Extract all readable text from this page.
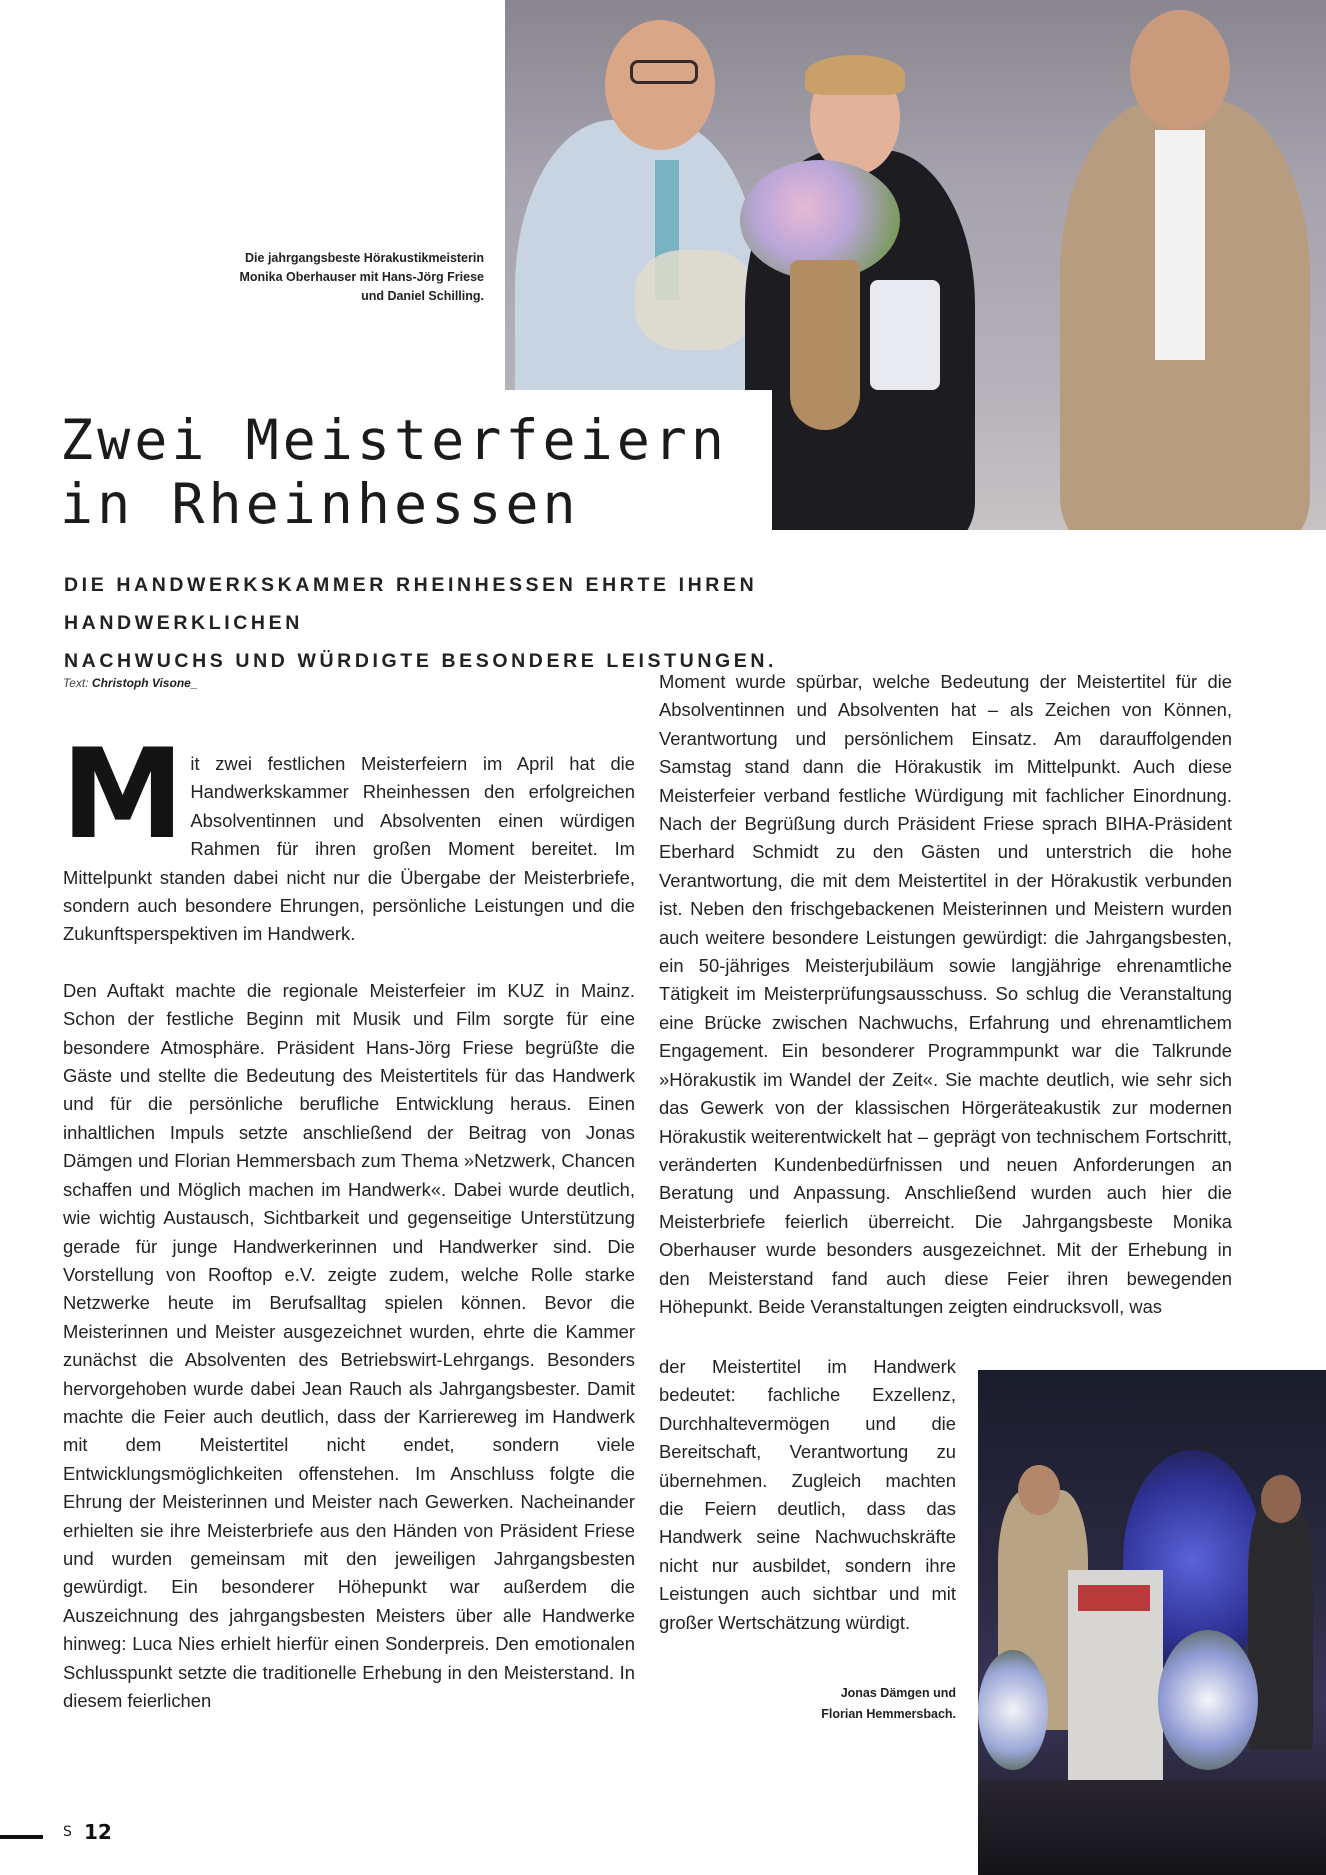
Die jahrgangsbeste Hörakustikmeisterin
Monika Oberhauser mit Hans-Jörg Friese
und Daniel Schilling.
Zwei Meisterfeiern
in Rheinhessen
DIE HANDWERKSKAMMER RHEINHESSEN EHRTE IHREN HANDWERKLICHEN
NACHWUCHS UND WÜRDIGTE BESONDERE LEISTUNGEN.
Text: Christoph Visone_

Mit zwei festlichen Meisterfeiern im April hat die Handwerkskammer Rheinhessen den erfolgreichen Absolventinnen und Absolventen einen würdigen Rahmen für ihren großen Moment bereitet. Im Mittelpunkt standen dabei nicht nur die Übergabe der Meisterbriefe, sondern auch besondere Ehrungen, persönliche Leistungen und die Zukunftsperspektiven im Handwerk.

Den Auftakt machte die regionale Meisterfeier im KUZ in Mainz. Schon der festliche Beginn mit Musik und Film sorgte für eine besondere Atmosphäre. Präsident Hans-Jörg Friese begrüßte die Gäste und stellte die Bedeutung des Meistertitels für das Handwerk und für die persönliche berufliche Entwicklung heraus. Einen inhaltlichen Impuls setzte anschließend der Beitrag von Jonas Dämgen und Florian Hemmersbach zum Thema »Netzwerk, Chancen schaffen und Möglich machen im Handwerk«. Dabei wurde deutlich, wie wichtig Austausch, Sichtbarkeit und gegenseitige Unterstützung gerade für junge Handwerkerinnen und Handwerker sind. Die Vorstellung von Rooftop e.V. zeigte zudem, welche Rolle starke Netzwerke heute im Berufsalltag spielen können. Bevor die Meisterinnen und Meister ausgezeichnet wurden, ehrte die Kammer zunächst die Absolventen des Betriebswirt-Lehrgangs. Besonders hervorgehoben wurde dabei Jean Rauch als Jahrgangsbester. Damit machte die Feier auch deutlich, dass der Karriereweg im Handwerk mit dem Meistertitel nicht endet, sondern viele Entwicklungsmöglichkeiten offenstehen. Im Anschluss folgte die Ehrung der Meisterinnen und Meister nach Gewerken. Nacheinander erhielten sie ihre Meisterbriefe aus den Händen von Präsident Friese und wurden gemeinsam mit den jeweiligen Jahrgangsbesten gewürdigt. Ein besonderer Höhepunkt war außerdem die Auszeichnung des jahrgangsbesten Meisters über alle Handwerke hinweg: Luca Nies erhielt hierfür einen Sonderpreis. Den emotionalen Schlusspunkt setzte die traditionelle Erhebung in den Meisterstand. In diesem feierlichen

Moment wurde spürbar, welche Bedeutung der Meistertitel für die Absolventinnen und Absolventen hat – als Zeichen von Können, Verantwortung und persönlichem Einsatz. Am darauffolgenden Samstag stand dann die Hörakustik im Mittelpunkt. Auch diese Meisterfeier verband festliche Würdigung mit fachlicher Einordnung. Nach der Begrüßung durch Präsident Friese sprach BIHA-Präsident Eberhard Schmidt zu den Gästen und unterstrich die hohe Verantwortung, die mit dem Meistertitel in der Hörakustik verbunden ist. Neben den frischgebackenen Meisterinnen und Meistern wurden auch weitere besondere Leistungen gewürdigt: die Jahrgangsbesten, ein 50-jähriges Meisterjubiläum sowie langjährige ehrenamtliche Tätigkeit im Meisterprüfungsausschuss. So schlug die Veranstaltung eine Brücke zwischen Nachwuchs, Erfahrung und ehrenamtlichem Engagement. Ein besonderer Programmpunkt war die Talkrunde »Hörakustik im Wandel der Zeit«. Sie machte deutlich, wie sehr sich das Gewerk von der klassischen Hörgeräteakustik zur modernen Hörakustik weiterentwickelt hat – geprägt von technischem Fortschritt, veränderten Kundenbedürfnissen und neuen Anforderungen an Beratung und Anpassung. Anschließend wurden auch hier die Meisterbriefe feierlich überreicht. Die Jahrgangsbeste Monika Oberhauser wurde besonders ausgezeichnet. Mit der Erhebung in den Meisterstand fand auch diese Feier ihren bewegenden Höhepunkt. Beide Veranstaltungen zeigten eindrucksvoll, was

der Meistertitel im Handwerk
bedeutet: fachliche Exzellenz,
Durchhaltevermögen und die
Bereitschaft, Verantwortung zu
übernehmen. Zugleich machten
die Feiern deutlich, dass das
Handwerk seine Nachwuchskräfte
nicht nur ausbildet, sondern ihre
Leistungen auch sichtbar und mit
großer Wertschätzung würdigt.
Jonas Dämgen und
Florian Hemmersbach.
S 12
